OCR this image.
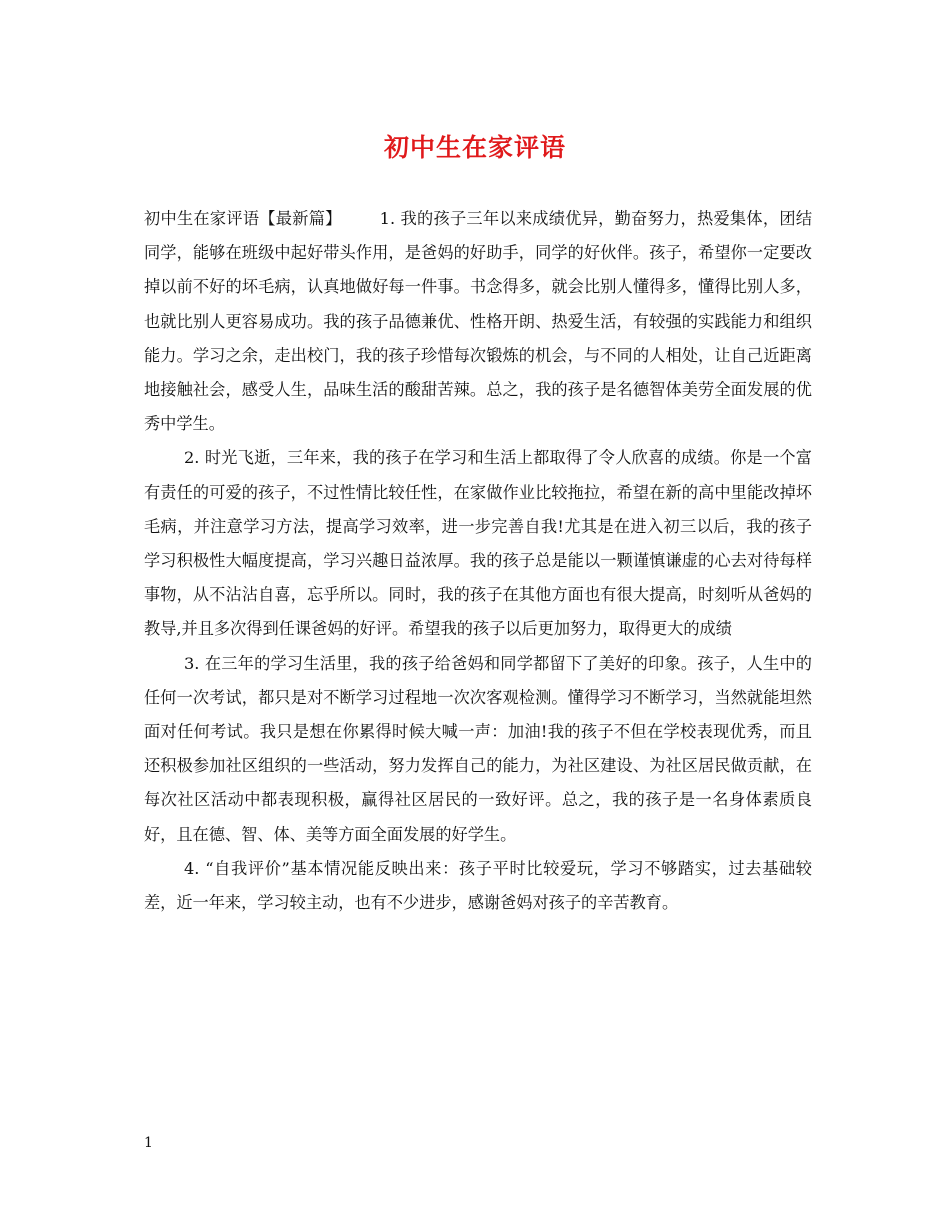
初中生在家评语

初中生在家评语【最新篇】 1. 我的孩子三年以来成绩优异，勤奋努力，热爱集体，团结同学，能够在班级中起好带头作用，是爸妈的好助手，同学的好伙伴。孩子，希望你一定要改掉以前不好的坏毛病，认真地做好每一件事。书念得多，就会比别人懂得多，懂得比别人多，也就比别人更容易成功。我的孩子品德兼优、性格开朗、热爱生活，有较强的实践能力和组织能力。学习之余，走出校门，我的孩子珍惜每次锻炼的机会，与不同的人相处，让自己近距离地接触社会，感受人生，品味生活的酸甜苦辣。总之，我的孩子是名德智体美劳全面发展的优秀中学生。

2. 时光飞逝，三年来，我的孩子在学习和生活上都取得了令人欣喜的成绩。你是一个富有责任的可爱的孩子，不过性情比较任性，在家做作业比较拖拉，希望在新的高中里能改掉坏毛病，并注意学习方法，提高学习效率，进一步完善自我!尤其是在进入初三以后，我的孩子学习积极性大幅度提高，学习兴趣日益浓厚。我的孩子总是能以一颗谨慎谦虚的心去对待每样事物，从不沾沾自喜，忘乎所以。同时，我的孩子在其他方面也有很大提高，时刻听从爸妈的教导,并且多次得到任课爸妈的好评。希望我的孩子以后更加努力，取得更大的成绩

3. 在三年的学习生活里，我的孩子给爸妈和同学都留下了美好的印象。孩子，人生中的任何一次考试，都只是对不断学习过程地一次次客观检测。懂得学习不断学习，当然就能坦然面对任何考试。我只是想在你累得时候大喊一声：加油!我的孩子不但在学校表现优秀，而且还积极参加社区组织的一些活动，努力发挥自己的能力，为社区建设、为社区居民做贡献，在每次社区活动中都表现积极，赢得社区居民的一致好评。总之，我的孩子是一名身体素质良好，且在德、智、体、美等方面全面发展的好学生。

4. “自我评价”基本情况能反映出来：孩子平时比较爱玩，学习不够踏实，过去基础较差，近一年来，学习较主动，也有不少进步，感谢爸妈对孩子的辛苦教育。

1
